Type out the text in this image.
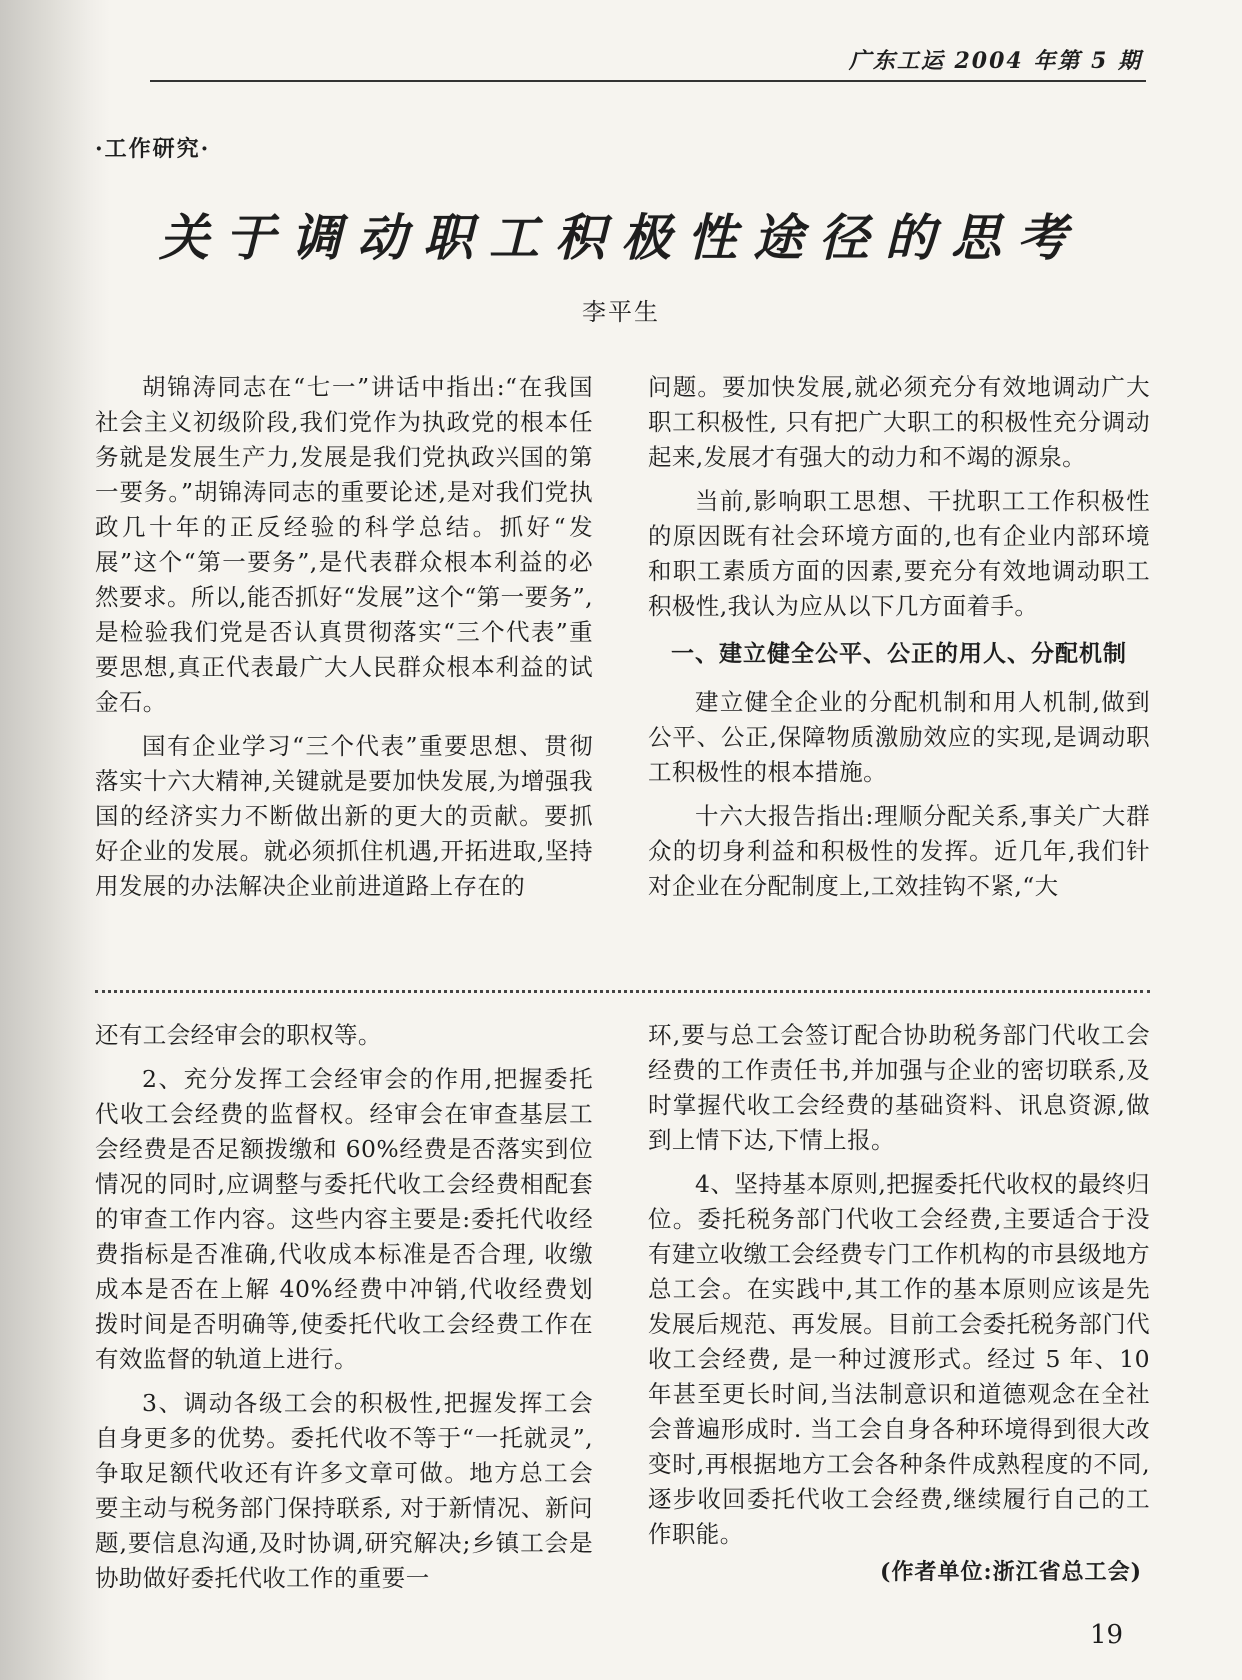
广东工运 2004 年第 5 期
·工作研究·
关于调动职工积极性途径的思考
李平生

胡锦涛同志在“七一”讲话中指出:“在我国社会主义初级阶段,我们党作为执政党的根本任务就是发展生产力,发展是我们党执政兴国的第一要务。”胡锦涛同志的重要论述,是对我们党执政几十年的正反经验的科学总结。抓好“发展”这个“第一要务”,是代表群众根本利益的必然要求。所以,能否抓好“发展”这个“第一要务”,是检验我们党是否认真贯彻落实“三个代表”重要思想,真正代表最广大人民群众根本利益的试金石。

国有企业学习“三个代表”重要思想、贯彻落实十六大精神,关键就是要加快发展,为增强我国的经济实力不断做出新的更大的贡献。要抓好企业的发展。就必须抓住机遇,开拓进取,坚持用发展的办法解决企业前进道路上存在的

问题。要加快发展,就必须充分有效地调动广大职工积极性, 只有把广大职工的积极性充分调动起来,发展才有强大的动力和不竭的源泉。

当前,影响职工思想、干扰职工工作积极性的原因既有社会环境方面的,也有企业内部环境和职工素质方面的因素,要充分有效地调动职工积极性,我认为应从以下几方面着手。

一、建立健全公平、公正的用人、分配机制

建立健全企业的分配机制和用人机制,做到公平、公正,保障物质激励效应的实现,是调动职工积极性的根本措施。

十六大报告指出:理顺分配关系,事关广大群众的切身利益和积极性的发挥。近几年,我们针对企业在分配制度上,工效挂钩不紧,“大

还有工会经审会的职权等。

2、充分发挥工会经审会的作用,把握委托代收工会经费的监督权。经审会在审查基层工会经费是否足额拨缴和 60%经费是否落实到位情况的同时,应调整与委托代收工会经费相配套的审查工作内容。这些内容主要是:委托代收经费指标是否准确,代收成本标准是否合理, 收缴成本是否在上解 40%经费中冲销,代收经费划拨时间是否明确等,使委托代收工会经费工作在有效监督的轨道上进行。

3、调动各级工会的积极性,把握发挥工会自身更多的优势。委托代收不等于“一托就灵”,争取足额代收还有许多文章可做。地方总工会要主动与税务部门保持联系, 对于新情况、新问题,要信息沟通,及时协调,研究解决;乡镇工会是协助做好委托代收工作的重要一

环,要与总工会签订配合协助税务部门代收工会经费的工作责任书,并加强与企业的密切联系,及时掌握代收工会经费的基础资料、讯息资源,做到上情下达,下情上报。

4、坚持基本原则,把握委托代收权的最终归位。委托税务部门代收工会经费,主要适合于没有建立收缴工会经费专门工作机构的市县级地方总工会。在实践中,其工作的基本原则应该是先发展后规范、再发展。目前工会委托税务部门代收工会经费, 是一种过渡形式。经过 5 年、10 年甚至更长时间,当法制意识和道德观念在全社会普遍形成时. 当工会自身各种环境得到很大改变时,再根据地方工会各种条件成熟程度的不同,逐步收回委托代收工会经费,继续履行自己的工作职能。

(作者单位:浙江省总工会)
19
